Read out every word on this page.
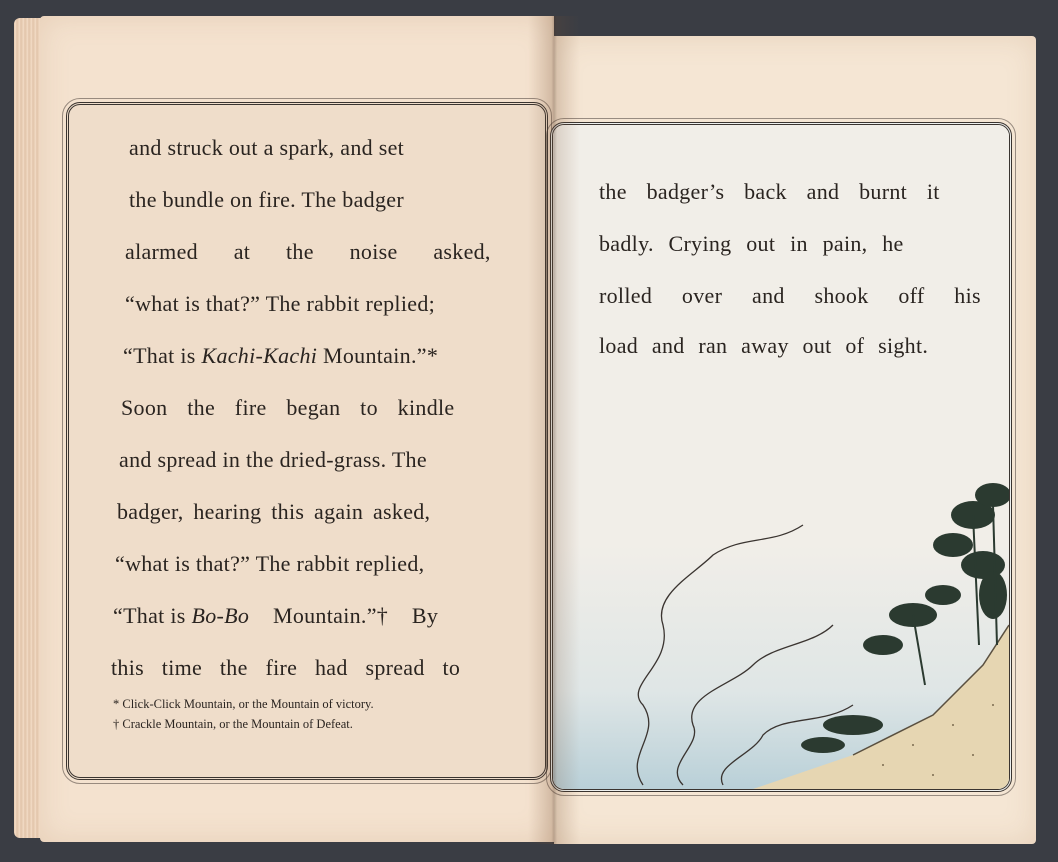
and struck out a spark, and set
the bundle on fire. The badger
alarmed at the noise asked,
“what is that?” The rabbit replied;
“That is Kachi-Kachi Mountain.”*
Soon the fire began to kindle
and spread in the dried-grass. The
badger, hearing this again asked,
“what is that?” The rabbit replied,
“That is Bo-Bo Mountain.”† By
this time the fire had spread to
* Click-Click Mountain, or the Mountain of victory.
† Crackle Mountain, or the Mountain of Defeat.
the badger’s back and burnt it
badly. Crying out in pain, he
rolled over and shook off his
load and ran away out of sight.
